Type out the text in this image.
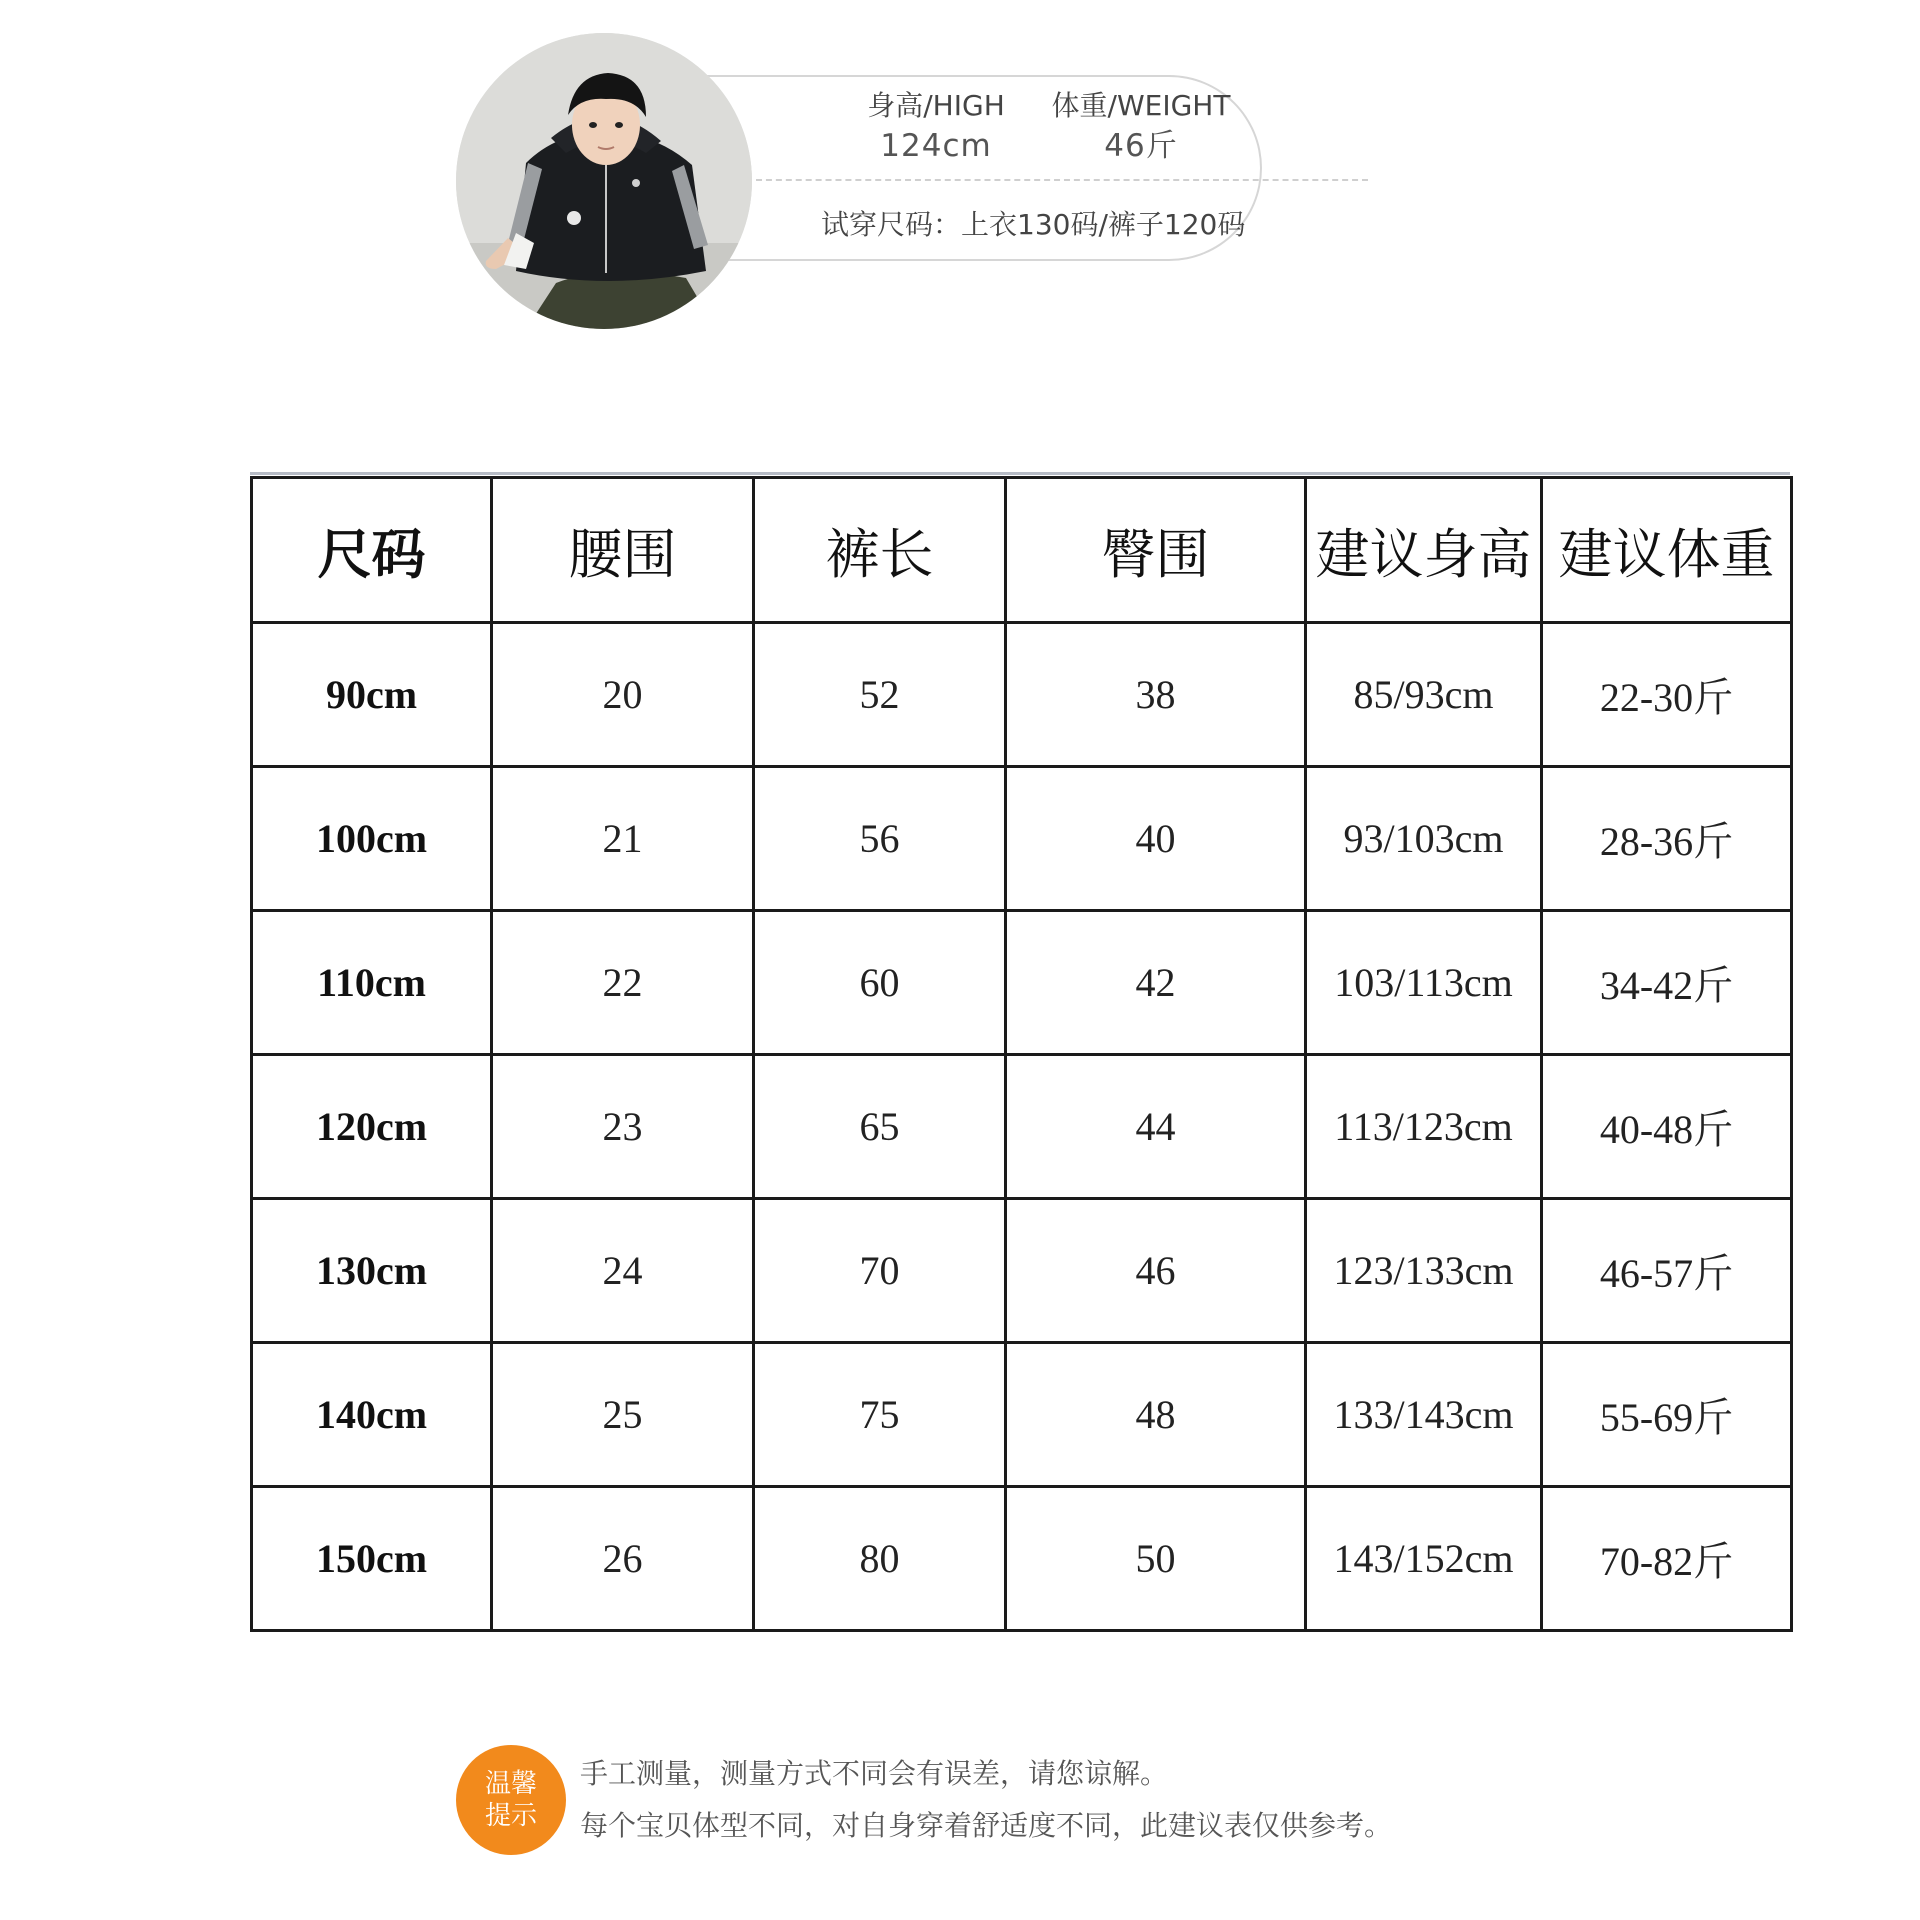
身高/HIGH
124cm
体重/WEIGHT
46斤
试穿尺码：上衣130码/裤子120码
尺码	腰围	裤长	臀围	建议身高	建议体重
90cm	20	52	38	85/93cm	22-30斤
100cm	21	56	40	93/103cm	28-36斤
110cm	22	60	42	103/113cm	34-42斤
120cm	23	65	44	113/123cm	40-48斤
130cm	24	70	46	123/133cm	46-57斤
140cm	25	75	48	133/143cm	55-69斤
150cm	26	80	50	143/152cm	70-82斤
温馨
提示
手工测量，测量方式不同会有误差，请您谅解。
每个宝贝体型不同，对自身穿着舒适度不同，此建议表仅供参考。
